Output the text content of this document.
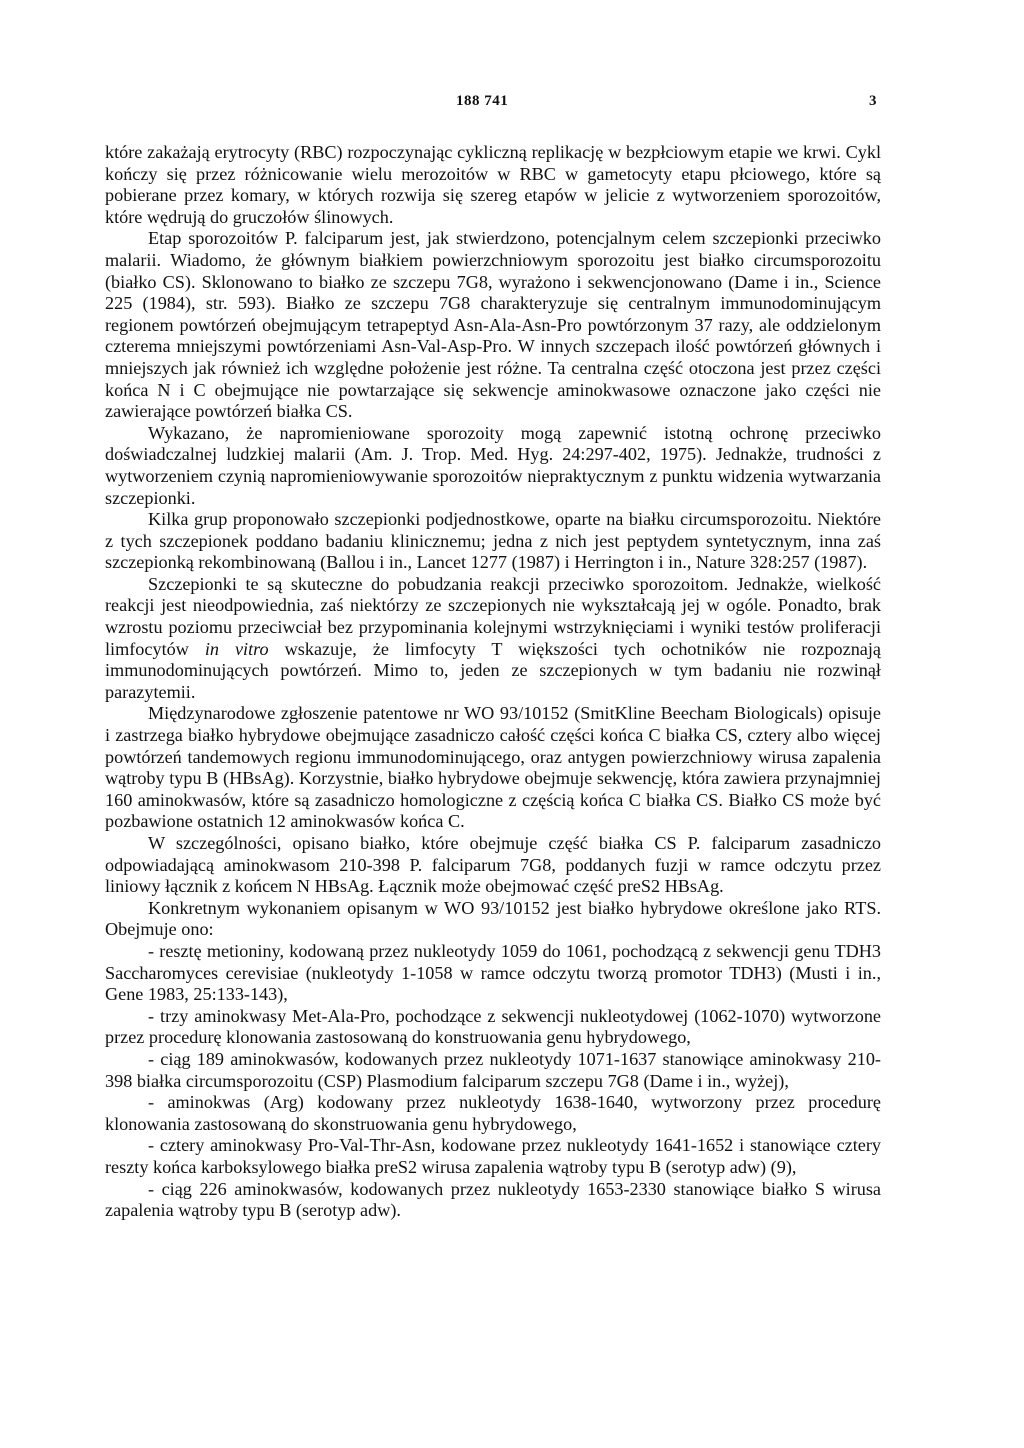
188 741	3

które zakażają erytrocyty (RBC) rozpoczynając cykliczną replikację w bezpłciowym etapie we krwi. Cykl kończy się przez różnicowanie wielu merozoitów w RBC w gametocyty etapu płciowego, które są pobierane przez komary, w których rozwija się szereg etapów w jelicie z wytworzeniem sporozoitów, które wędrują do gruczołów ślinowych.

Etap sporozoitów P. falciparum jest, jak stwierdzono, potencjalnym celem szczepionki przeciwko malarii. Wiadomo, że głównym białkiem powierzchniowym sporozoitu jest białko circumsporozoitu (białko CS). Sklonowano to białko ze szczepu 7G8, wyrażono i sekwencjonowano (Dame i in., Science 225 (1984), str. 593). Białko ze szczepu 7G8 charakteryzuje się centralnym immunodominującym regionem powtórzeń obejmującym tetrapeptyd Asn-Ala-Asn-Pro powtórzonym 37 razy, ale oddzielonym czterema mniejszymi powtórzeniami Asn-Val-Asp-Pro. W innych szczepach ilość powtórzeń głównych i mniejszych jak również ich względne położenie jest różne. Ta centralna część otoczona jest przez części końca N i C obejmujące nie powtarzające się sekwencje aminokwasowe oznaczone jako części nie zawierające powtórzeń białka CS.

Wykazano, że napromieniowane sporozoity mogą zapewnić istotną ochronę przeciwko doświadczalnej ludzkiej malarii (Am. J. Trop. Med. Hyg. 24:297-402, 1975). Jednakże, trudności z wytworzeniem czynią napromieniowywanie sporozoitów niepraktycznym z punktu widzenia wytwarzania szczepionki.

Kilka grup proponowało szczepionki podjednostkowe, oparte na białku circumsporozoitu. Niektóre z tych szczepionek poddano badaniu klinicznemu; jedna z nich jest peptydem syntetycznym, inna zaś szczepionką rekombinowaną (Ballou i in., Lancet 1277 (1987) i Herrington i in., Nature 328:257 (1987).

Szczepionki te są skuteczne do pobudzania reakcji przeciwko sporozoitom. Jednakże, wielkość reakcji jest nieodpowiednia, zaś niektórzy ze szczepionych nie wykształcają jej w ogóle. Ponadto, brak wzrostu poziomu przeciwciał bez przypominania kolejnymi wstrzyknięciami i wyniki testów proliferacji limfocytów in vitro wskazuje, że limfocyty T większości tych ochotników nie rozpoznają immunodominujących powtórzeń. Mimo to, jeden ze szczepionych w tym badaniu nie rozwinął parazytemii.

Międzynarodowe zgłoszenie patentowe nr WO 93/10152 (SmitKline Beecham Biologicals) opisuje i zastrzega białko hybrydowe obejmujące zasadniczo całość części końca C białka CS, cztery albo więcej powtórzeń tandemowych regionu immunodominującego, oraz antygen powierzchniowy wirusa zapalenia wątroby typu B (HBsAg). Korzystnie, białko hybrydowe obejmuje sekwencję, która zawiera przynajmniej 160 aminokwasów, które są zasadniczo homologiczne z częścią końca C białka CS. Białko CS może być pozbawione ostatnich 12 aminokwasów końca C.

W szczególności, opisano białko, które obejmuje część białka CS P. falciparum zasadniczo odpowiadającą aminokwasom 210-398 P. falciparum 7G8, poddanych fuzji w ramce odczytu przez liniowy łącznik z końcem N HBsAg. Łącznik może obejmować część preS2 HBsAg.

Konkretnym wykonaniem opisanym w WO 93/10152 jest białko hybrydowe określone jako RTS. Obejmuje ono:

- resztę metioniny, kodowaną przez nukleotydy 1059 do 1061, pochodzącą z sekwencji genu TDH3 Saccharomyces cerevisiae (nukleotydy 1-1058 w ramce odczytu tworzą promotor TDH3) (Musti i in., Gene 1983, 25:133-143),

- trzy aminokwasy Met-Ala-Pro, pochodzące z sekwencji nukleotydowej (1062-1070) wytworzone przez procedurę klonowania zastosowaną do konstruowania genu hybrydowego,

- ciąg 189 aminokwasów, kodowanych przez nukleotydy 1071-1637 stanowiące aminokwasy 210-398 białka circumsporozoitu (CSP) Plasmodium falciparum szczepu 7G8 (Dame i in., wyżej),

- aminokwas (Arg) kodowany przez nukleotydy 1638-1640, wytworzony przez procedurę klonowania zastosowaną do skonstruowania genu hybrydowego,

- cztery aminokwasy Pro-Val-Thr-Asn, kodowane przez nukleotydy 1641-1652 i stanowiące cztery reszty końca karboksylowego białka preS2 wirusa zapalenia wątroby typu B (serotyp adw) (9),

- ciąg 226 aminokwasów, kodowanych przez nukleotydy 1653-2330 stanowiące białko S wirusa zapalenia wątroby typu B (serotyp adw).
